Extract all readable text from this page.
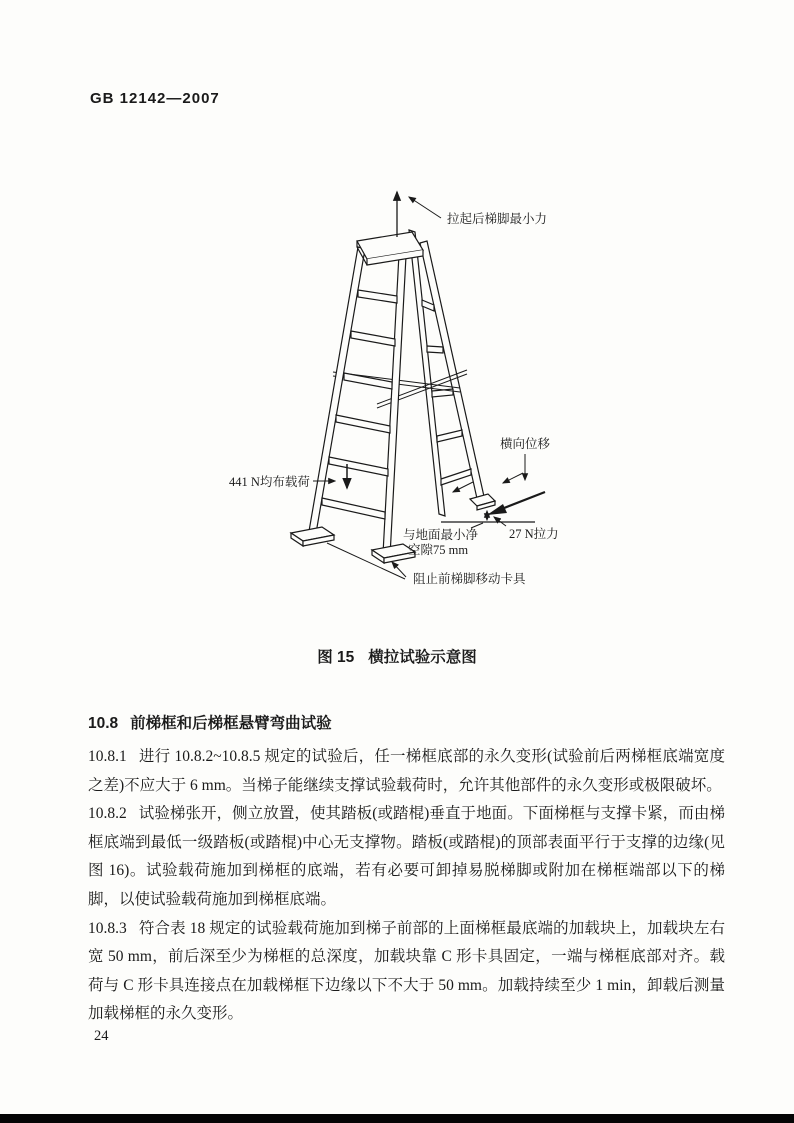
GB 12142—2007
拉起后梯脚最小力
441 N均布载荷
横向位移
27 N拉力
与地面最小净
空隙75 mm
阻止前梯脚移动卡具
图 15 横拉试验示意图
10.8 前梯框和后梯框悬臂弯曲试验

10.8.1 进行 10.8.2~10.8.5 规定的试验后，任一梯框底部的永久变形(试验前后两梯框底端宽度之差)不应大于 6 mm。当梯子能继续支撑试验载荷时，允许其他部件的永久变形或极限破坏。

10.8.2 试验梯张开，侧立放置，使其踏板(或踏棍)垂直于地面。下面梯框与支撑卡紧，而由梯框底端到最低一级踏板(或踏棍)中心无支撑物。踏板(或踏棍)的顶部表面平行于支撑的边缘(见图 16)。试验载荷施加到梯框的底端，若有必要可卸掉易脱梯脚或附加在梯框端部以下的梯脚，以使试验载荷施加到梯框底端。

10.8.3 符合表 18 规定的试验载荷施加到梯子前部的上面梯框最底端的加载块上，加载块左右宽 50 mm，前后深至少为梯框的总深度，加载块靠 C 形卡具固定，一端与梯框底部对齐。载荷与 C 形卡具连接点在加载梯框下边缘以下不大于 50 mm。加载持续至少 1 min，卸载后测量加载梯框的永久变形。

24
